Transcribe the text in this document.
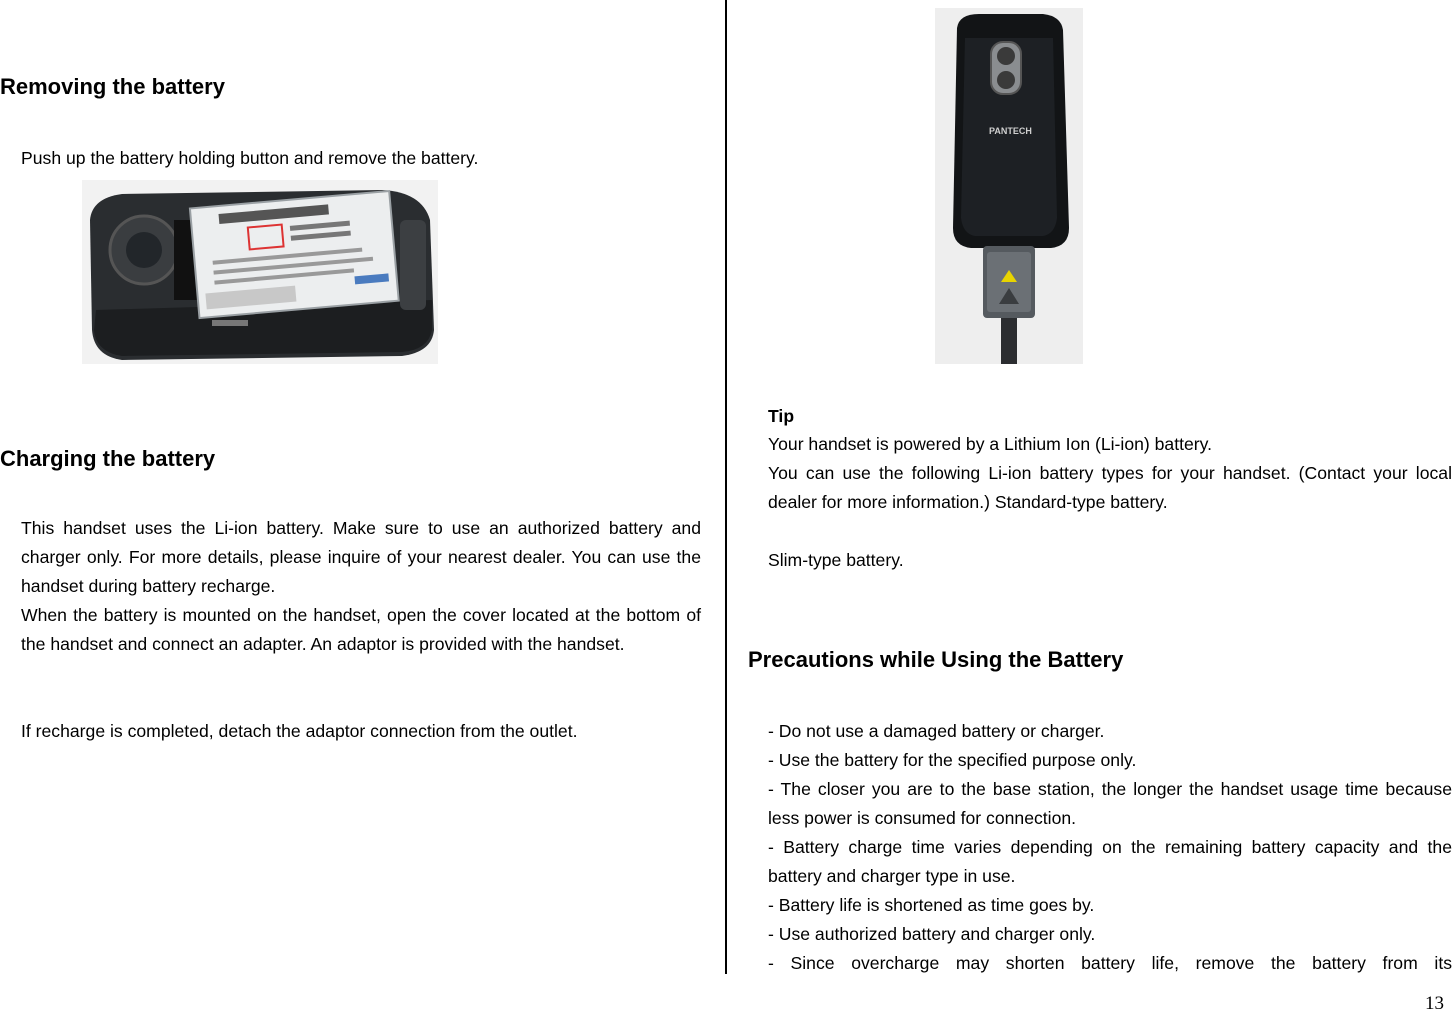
Removing the battery

Push up the battery holding button and remove the battery.

Charging the battery

This handset uses the Li-ion battery. Make sure to use an authorized battery and charger only. For more details, please inquire of your nearest dealer. You can use the handset during battery recharge.

When the battery is mounted on the handset, open the cover located at the bottom of the handset and connect an adapter. An adaptor is provided with the handset.

If recharge is completed, detach the adaptor connection from the outlet.

PANTECH

Tip

Your handset is powered by a Lithium Ion (Li-ion) battery.

You can use the following Li-ion battery types for your handset. (Contact your local dealer for more information.) Standard-type battery.

Slim-type battery.

Precautions while Using the Battery

- Do not use a damaged battery or charger.

- Use the battery for the specified purpose only.

- The closer you are to the base station, the longer the handset usage time because less power is consumed for connection.

- Battery charge time varies depending on the remaining battery capacity and the battery and charger type in use.

- Battery life is shortened as time goes by.

- Use authorized battery and charger only.

- Since overcharge may shorten battery life, remove the battery from its

13
